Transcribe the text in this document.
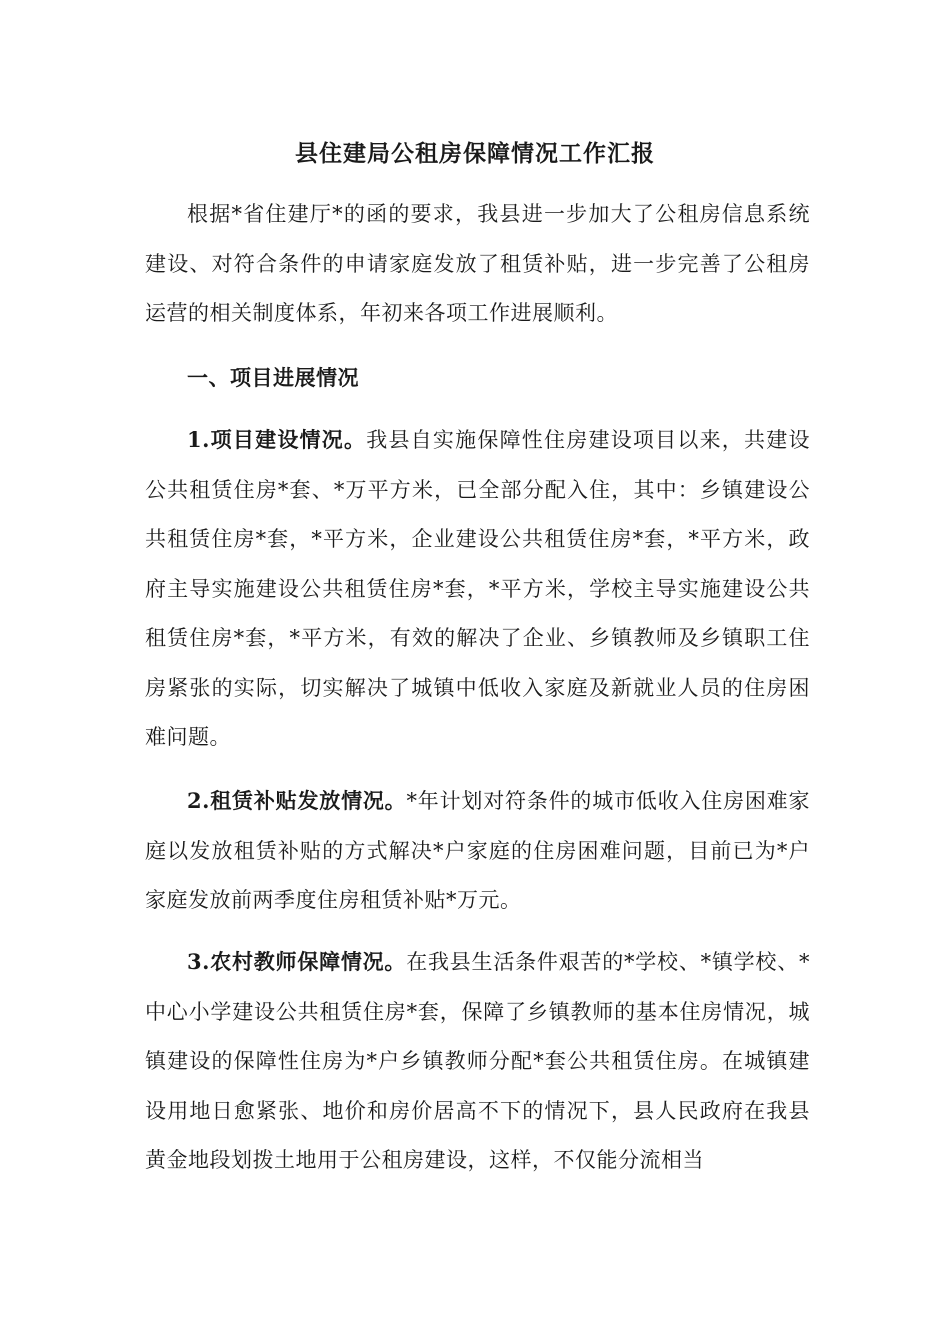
县住建局公租房保障情况工作汇报

根据*省住建厅*的函的要求，我县进一步加大了公租房信息系统建设、对符合条件的申请家庭发放了租赁补贴，进一步完善了公租房运营的相关制度体系，年初来各项工作进展顺利。

一、项目进展情况

1.项目建设情况。我县自实施保障性住房建设项目以来，共建设公共租赁住房*套、*万平方米，已全部分配入住，其中：乡镇建设公共租赁住房*套，*平方米，企业建设公共租赁住房*套，*平方米，政府主导实施建设公共租赁住房*套，*平方米，学校主导实施建设公共租赁住房*套，*平方米，有效的解决了企业、乡镇教师及乡镇职工住房紧张的实际，切实解决了城镇中低收入家庭及新就业人员的住房困难问题。

2.租赁补贴发放情况。*年计划对符条件的城市低收入住房困难家庭以发放租赁补贴的方式解决*户家庭的住房困难问题，目前已为*户家庭发放前两季度住房租赁补贴*万元。

3.农村教师保障情况。在我县生活条件艰苦的*学校、*镇学校、*中心小学建设公共租赁住房*套，保障了乡镇教师的基本住房情况，城镇建设的保障性住房为*户乡镇教师分配*套公共租赁住房。在城镇建设用地日愈紧张、地价和房价居高不下的情况下，县人民政府在我县黄金地段划拨土地用于公租房建设，这样，不仅能分流相当
